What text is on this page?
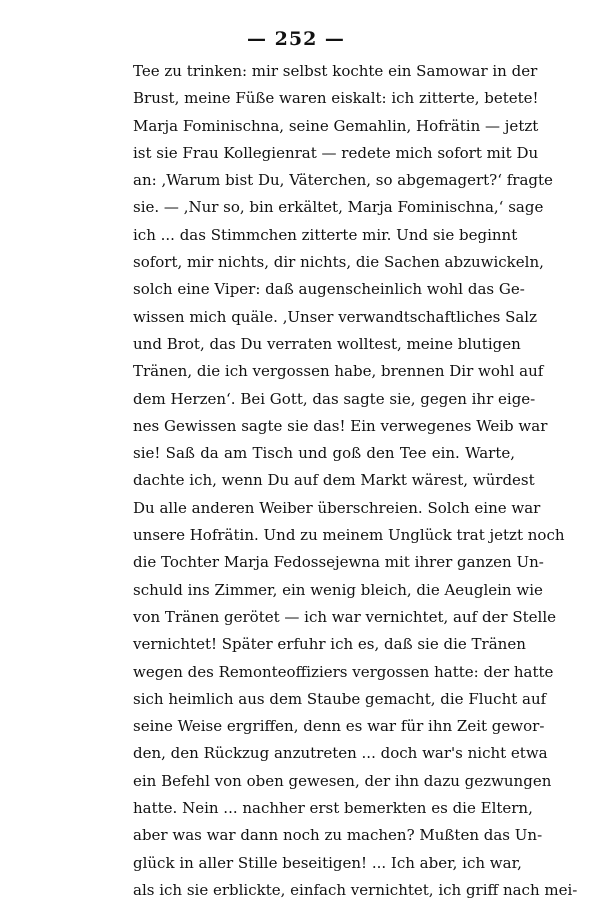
— 252 —
Tee zu trinken: mir selbst kochte ein Samowar in der
Brust, meine Füße waren eiskalt: ich zitterte, betete!
Marja Fominischna, seine Gemahlin, Hofrätin — jetzt
ist sie Frau Kollegienrat — redete mich sofort mit Du
an: ‚Warum bist Du, Väterchen, so abgemagert?‘ fragte
sie. — ‚Nur so, bin erkältet, Marja Fominischna,‘ sage
ich ... das Stimmchen zitterte mir. Und sie beginnt
sofort, mir nichts, dir nichts, die Sachen abzuwickeln,
solch eine Viper: daß augenscheinlich wohl das Ge-
wissen mich quäle. ‚Unser verwandtschaftliches Salz
und Brot, das Du verraten wolltest, meine blutigen
Tränen, die ich vergossen habe, brennen Dir wohl auf
dem Herzen‘. Bei Gott, das sagte sie, gegen ihr eige-
nes Gewissen sagte sie das! Ein verwegenes Weib war
sie! Saß da am Tisch und goß den Tee ein. Warte,
dachte ich, wenn Du auf dem Markt wärest, würdest
Du alle anderen Weiber überschreien. Solch eine war
unsere Hofrätin. Und zu meinem Unglück trat jetzt noch
die Tochter Marja Fedossejewna mit ihrer ganzen Un-
schuld ins Zimmer, ein wenig bleich, die Aeuglein wie
von Tränen gerötet — ich war vernichtet, auf der Stelle
vernichtet! Später erfuhr ich es, daß sie die Tränen
wegen des Remonteoffiziers vergossen hatte: der hatte
sich heimlich aus dem Staube gemacht, die Flucht auf
seine Weise ergriffen, denn es war für ihn Zeit gewor-
den, den Rückzug anzutreten ... doch war's nicht etwa
ein Befehl von oben gewesen, der ihn dazu gezwungen
hatte. Nein ... nachher erst bemerkten es die Eltern,
aber was war dann noch zu machen? Mußten das Un-
glück in aller Stille beseitigen! ... Ich aber, ich war,
als ich sie erblickte, einfach vernichtet, ich griff nach mei-
